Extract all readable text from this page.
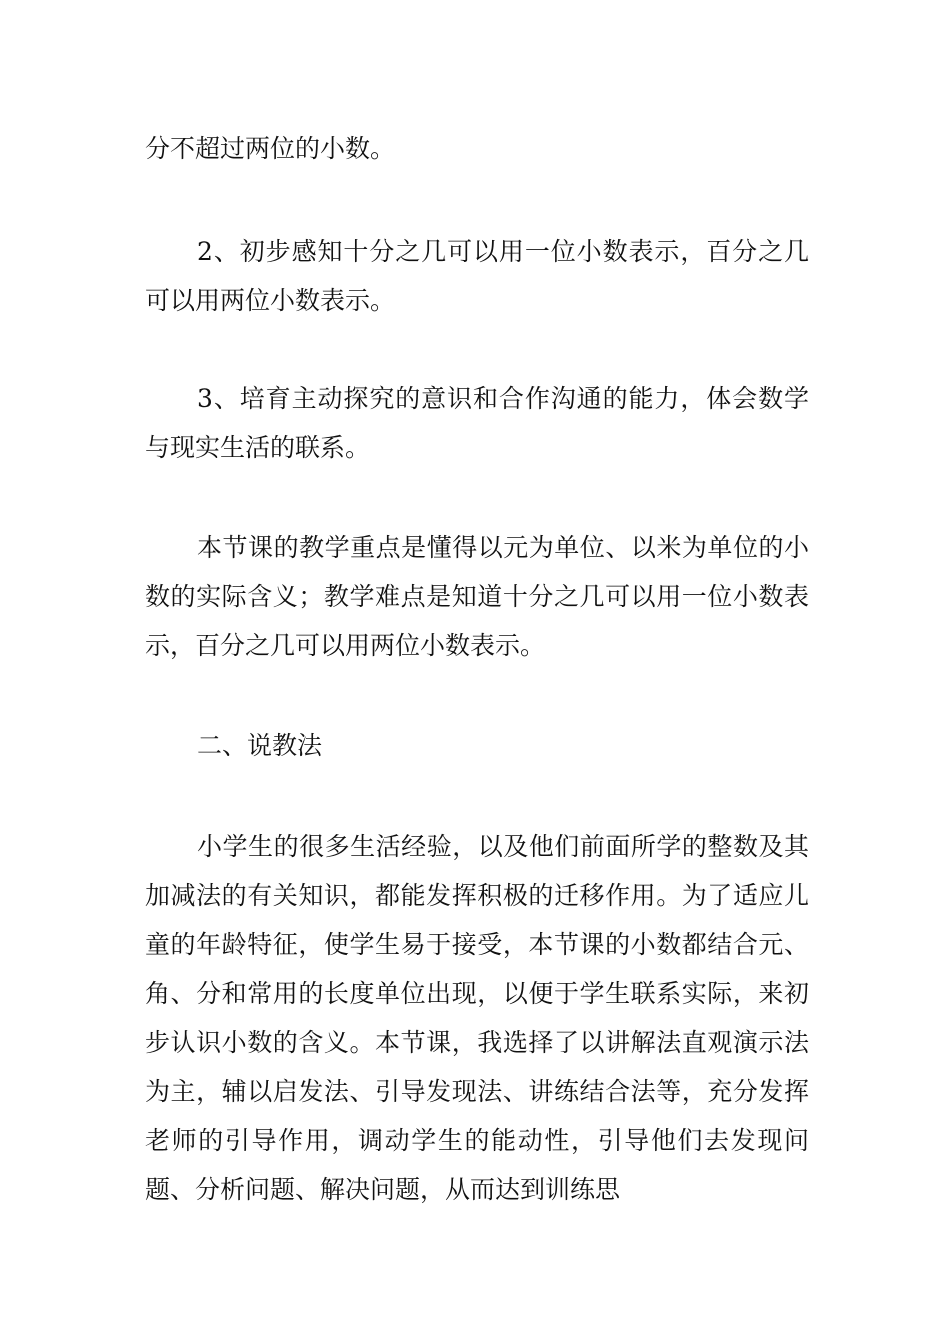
分不超过两位的小数。
2、初步感知十分之几可以用一位小数表示，百分之几可以用两位小数表示。
3、培育主动探究的意识和合作沟通的能力，体会数学与现实生活的联系。
本节课的教学重点是懂得以元为单位、以米为单位的小数的实际含义；教学难点是知道十分之几可以用一位小数表示，百分之几可以用两位小数表示。
二、说教法
小学生的很多生活经验，以及他们前面所学的整数及其加减法的有关知识，都能发挥积极的迁移作用。为了适应儿童的年龄特征，使学生易于接受，本节课的小数都结合元、角、分和常用的长度单位出现，以便于学生联系实际，来初步认识小数的含义。本节课，我选择了以讲解法直观演示法为主，辅以启发法、引导发现法、讲练结合法等，充分发挥老师的引导作用，调动学生的能动性，引导他们去发现问题、分析问题、解决问题，从而达到训练思
